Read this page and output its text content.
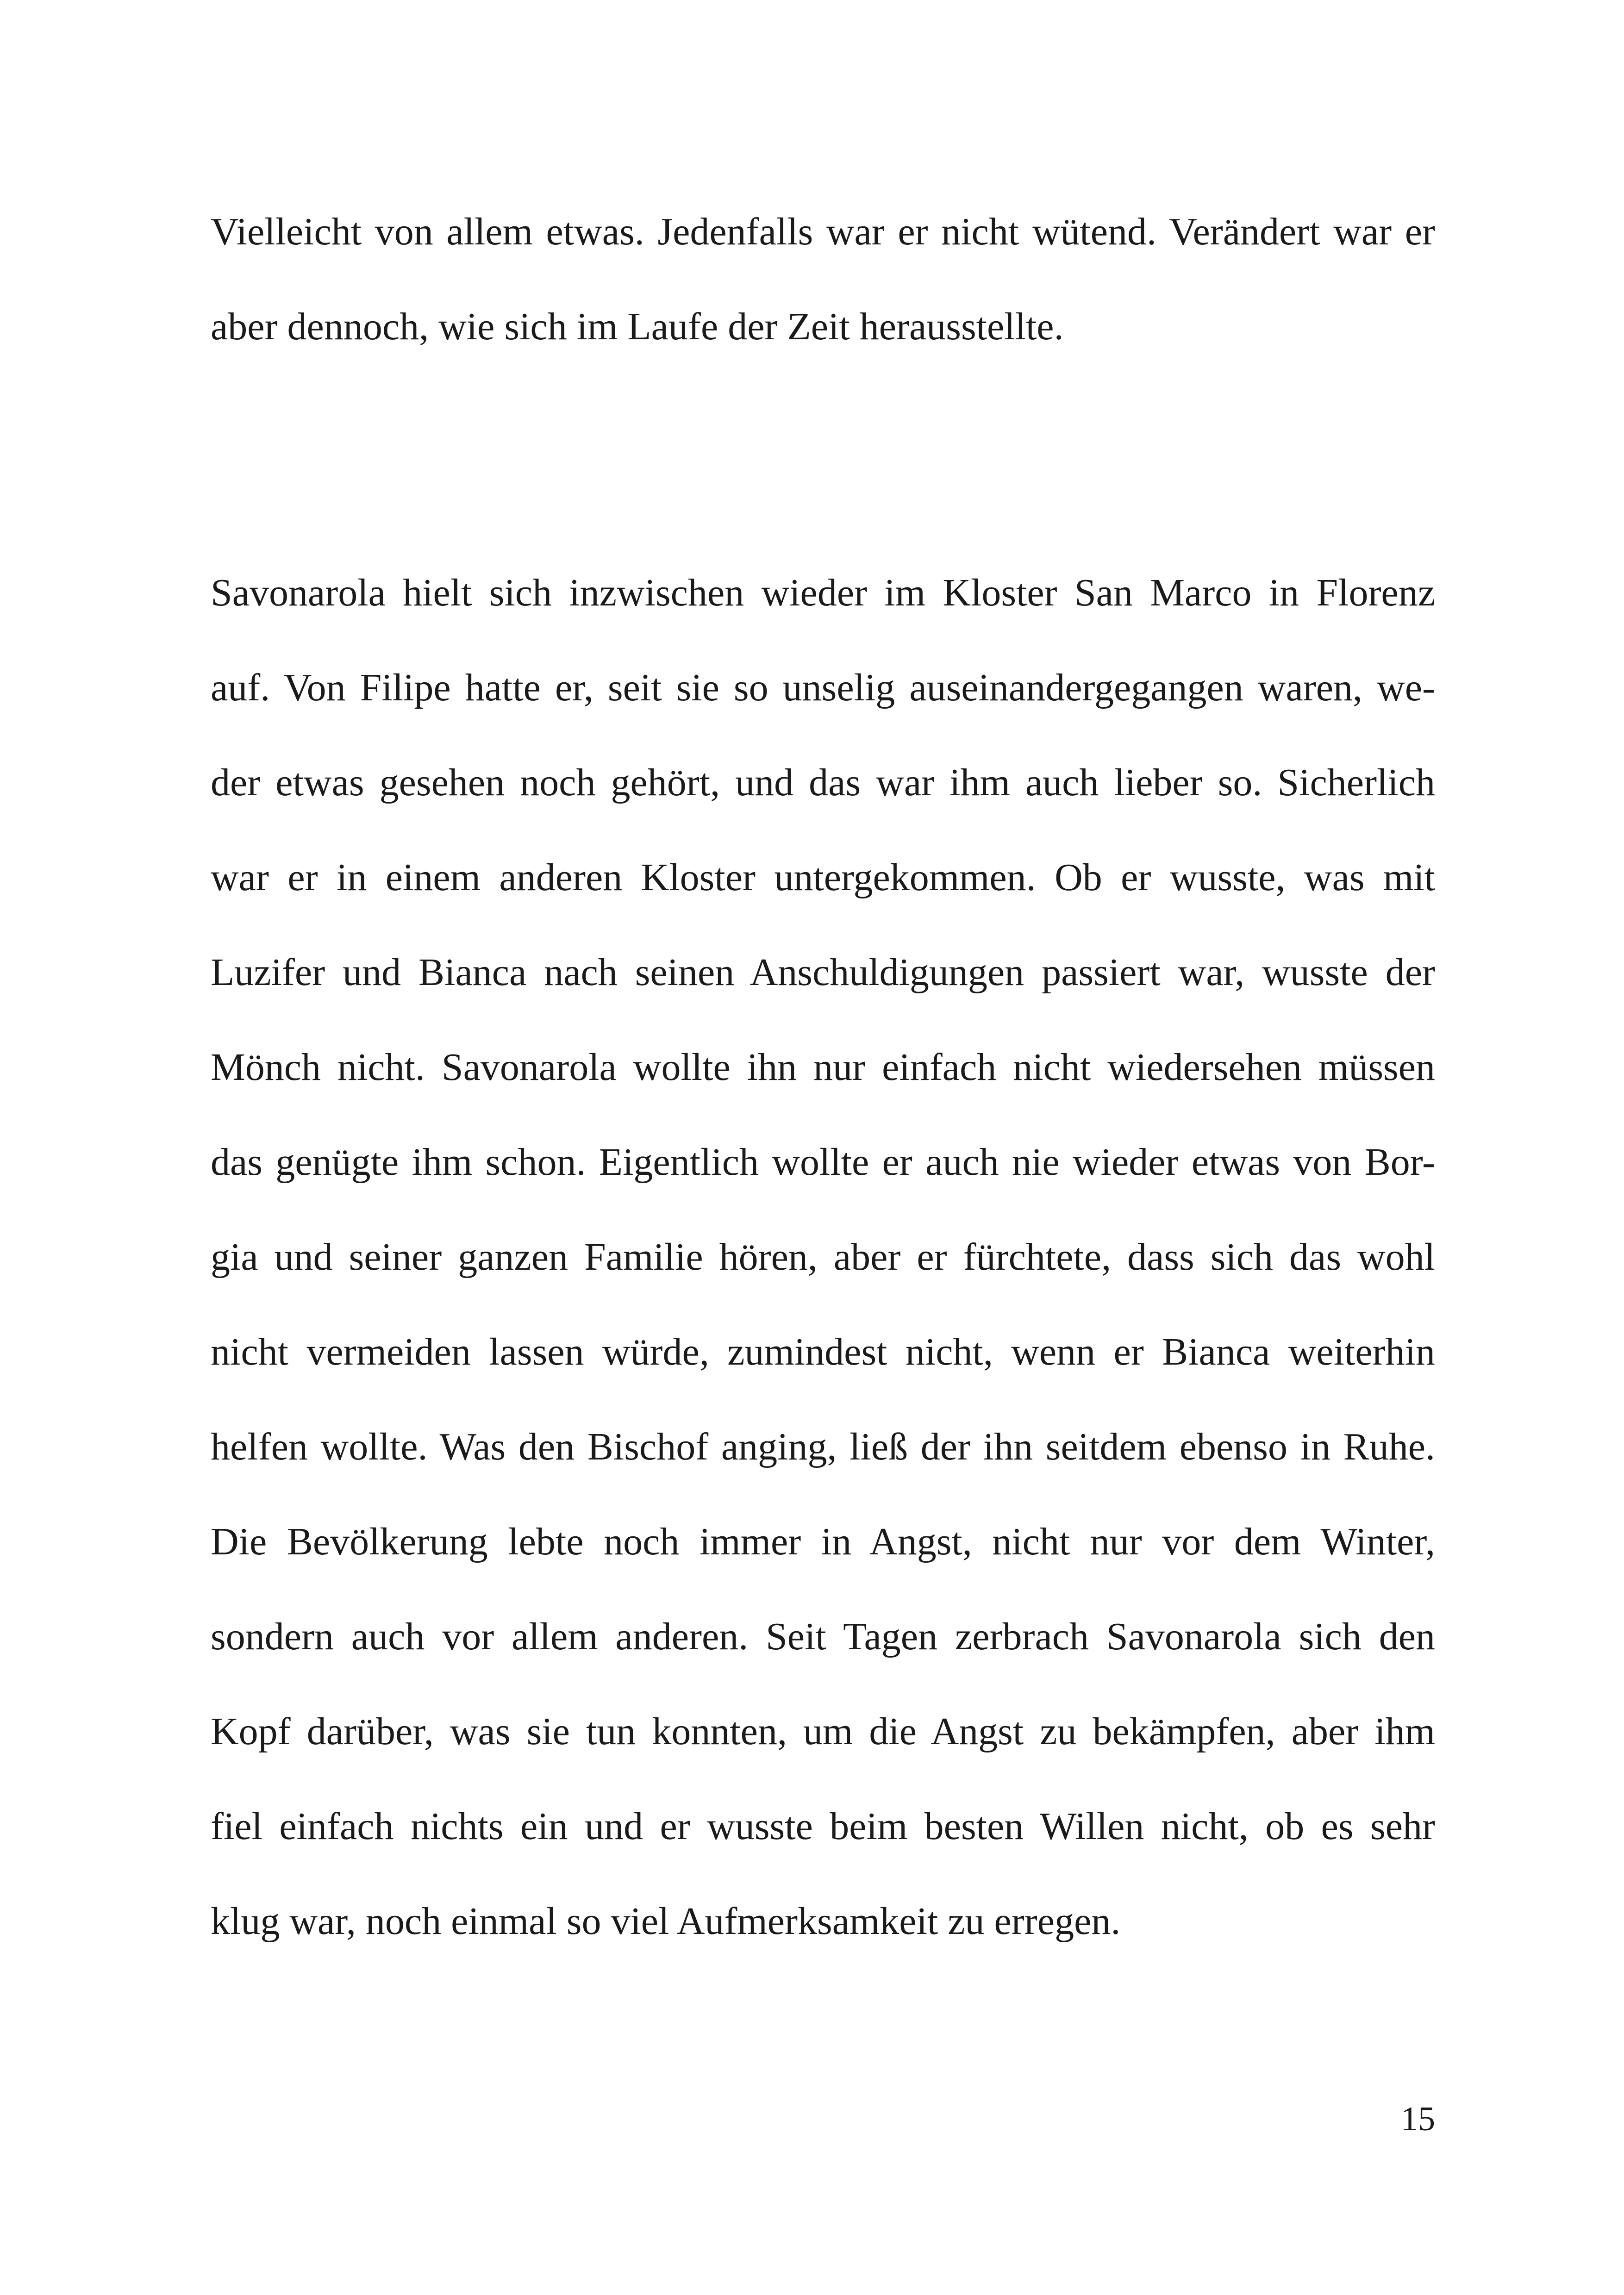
Vielleicht von allem etwas. Jedenfalls war er nicht wütend. Verändert war er
aber dennoch, wie sich im Laufe der Zeit herausstellte.
Savonarola hielt sich inzwischen wieder im Kloster San Marco in Florenz
auf. Von Filipe hatte er, seit sie so unselig auseinandergegangen waren, we-
der etwas gesehen noch gehört, und das war ihm auch lieber so. Sicherlich
war er in einem anderen Kloster untergekommen. Ob er wusste, was mit
Luzifer und Bianca nach seinen Anschuldigungen passiert war, wusste der
Mönch nicht. Savonarola wollte ihn nur einfach nicht wiedersehen müssen
das genügte ihm schon. Eigentlich wollte er auch nie wieder etwas von Bor-
gia und seiner ganzen Familie hören, aber er fürchtete, dass sich das wohl
nicht vermeiden lassen würde, zumindest nicht, wenn er Bianca weiterhin
helfen wollte. Was den Bischof anging, ließ der ihn seitdem ebenso in Ruhe.
Die Bevölkerung lebte noch immer in Angst, nicht nur vor dem Winter,
sondern auch vor allem anderen. Seit Tagen zerbrach Savonarola sich den
Kopf darüber, was sie tun konnten, um die Angst zu bekämpfen, aber ihm
fiel einfach nichts ein und er wusste beim besten Willen nicht, ob es sehr
klug war, noch einmal so viel Aufmerksamkeit zu erregen.
15
